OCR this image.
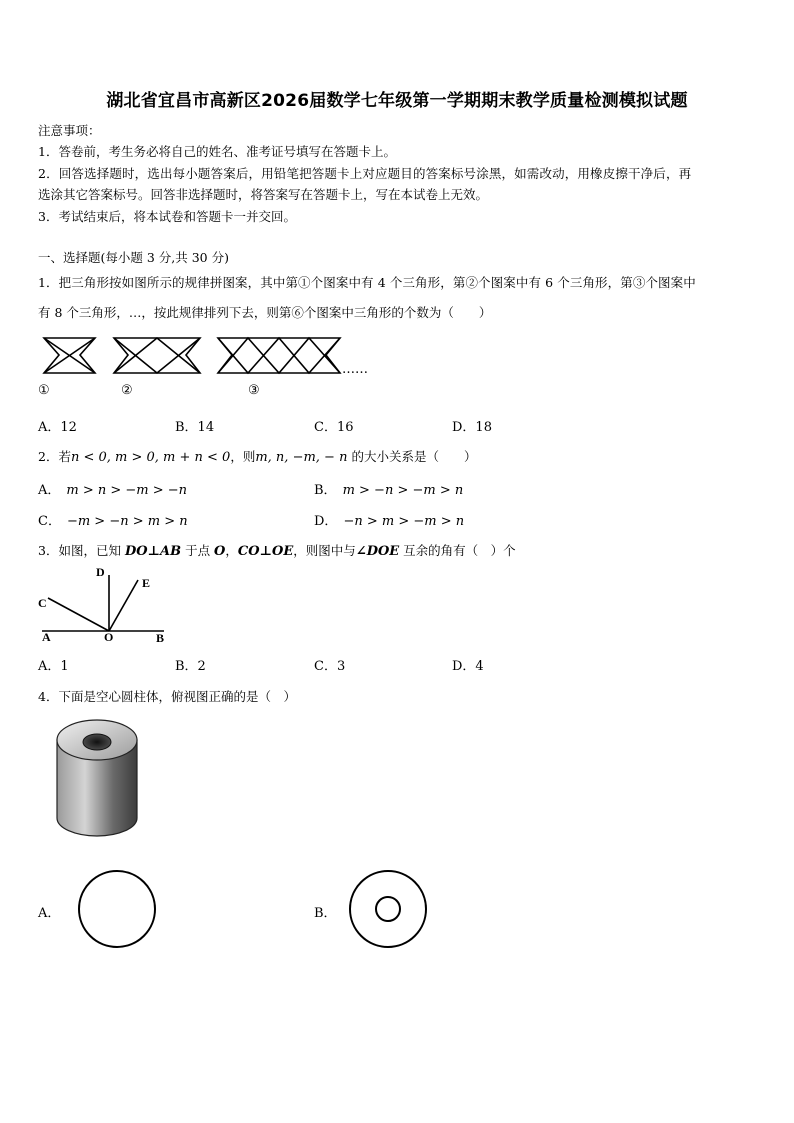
湖北省宜昌市高新区2026届数学七年级第一学期期末教学质量检测模拟试题
注意事项：
1．答卷前，考生务必将自己的姓名、准考证号填写在答题卡上。
2．回答选择题时，选出每小题答案后，用铅笔把答题卡上对应题目的答案标号涂黑，如需改动，用橡皮擦干净后，再
选涂其它答案标号。回答非选择题时，将答案写在答题卡上，写在本试卷上无效。
3．考试结束后，将本试卷和答题卡一并交回。
一、选择题(每小题 3 分,共 30 分)
1．把三角形按如图所示的规律拼图案，其中第①个图案中有 4 个三角形，第②个图案中有 6 个三角形，第③个图案中
有 8 个三角形，…，按此规律排列下去，则第⑥个图案中三角形的个数为（　　）
……
①	②	③
A．12	B．14	C．16	D．18
2．若n < 0, m > 0, m + n < 0，则m, n, −m, − n 的大小关系是（　　）
A． m > n > −m > −n	B． m > −n > −m > n
C． −m > −n > m > n	D． −n > m > −m > n
3．如图，已知 DO⊥AB 于点 O，CO⊥OE，则图中与∠DOE 互余的角有（　）个
D
E
C
A	O	B
A．1	B．2	C．3	D．4
4．下面是空心圆柱体，俯视图正确的是（　）
A．	B．
